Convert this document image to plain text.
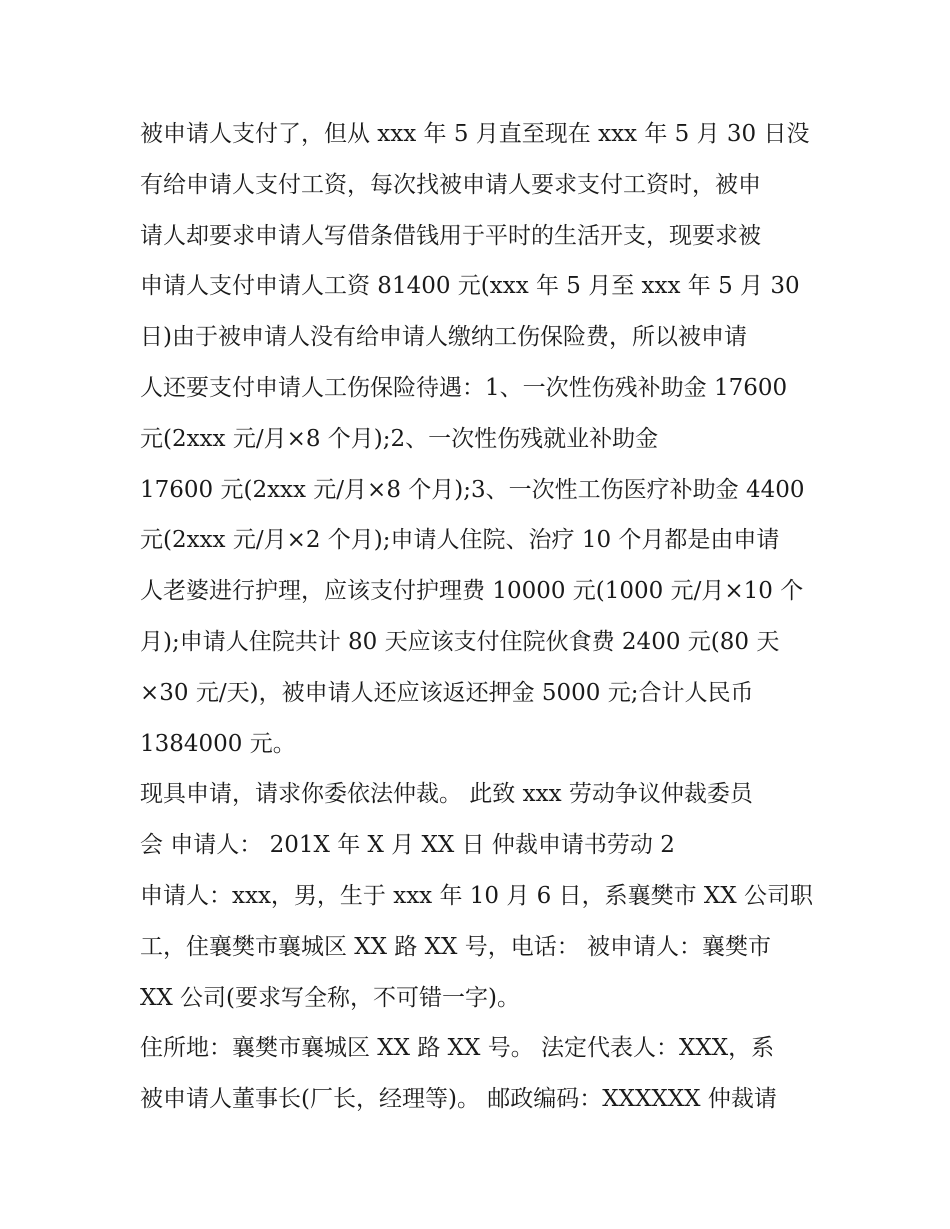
被申请人支付了，但从 xxx 年 5 月直至现在 xxx 年 5 月 30 日没
有给申请人支付工资，每次找被申请人要求支付工资时，被申
请人却要求申请人写借条借钱用于平时的生活开支，现要求被
申请人支付申请人工资 81400 元(xxx 年 5 月至 xxx 年 5 月 30
日)由于被申请人没有给申请人缴纳工伤保险费，所以被申请
人还要支付申请人工伤保险待遇：1、一次性伤残补助金 17600
元(2xxx 元/月×8 个月);2、一次性伤残就业补助金
17600 元(2xxx 元/月×8 个月);3、一次性工伤医疗补助金 4400
元(2xxx 元/月×2 个月);申请人住院、治疗 10 个月都是由申请
人老婆进行护理，应该支付护理费 10000 元(1000 元/月×10 个
月);申请人住院共计 80 天应该支付住院伙食费 2400 元(80 天
×30 元/天)，被申请人还应该返还押金 5000 元;合计人民币
1384000 元。
现具申请，请求你委依法仲裁。 此致 xxx 劳动争议仲裁委员
会 申请人： 201X 年 X 月 XX 日 仲裁申请书劳动 2
申请人：xxx，男，生于 xxx 年 10 月 6 日，系襄樊市 XX 公司职
工，住襄樊市襄城区 XX 路 XX 号，电话： 被申请人：襄樊市
XX 公司(要求写全称，不可错一字)。
住所地：襄樊市襄城区 XX 路 XX 号。 法定代表人：XXX，系
被申请人董事长(厂长，经理等)。 邮政编码：XXXXXX 仲裁请
